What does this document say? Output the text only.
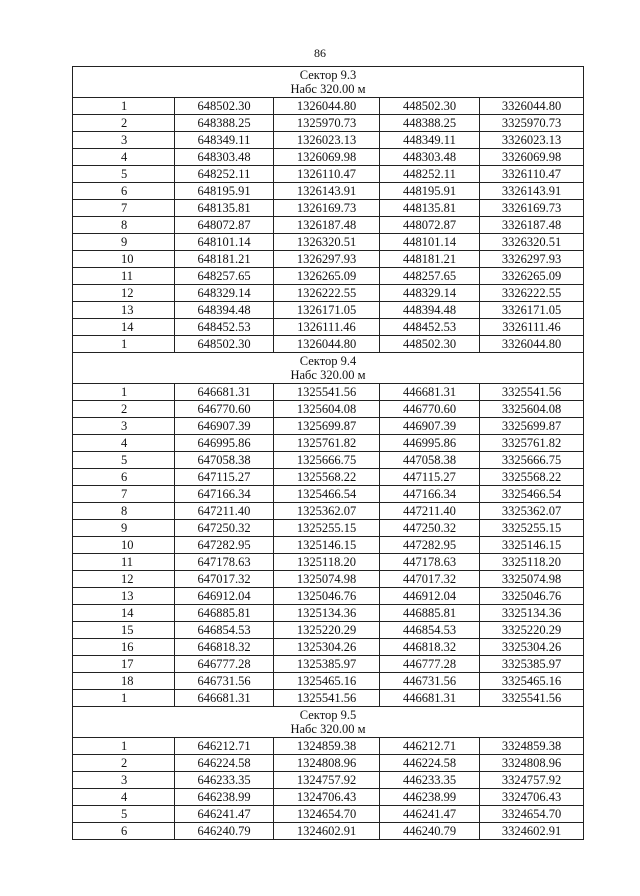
86
Сектор 9.3
Набс 320.00 м				

1	648502.30	1326044.80	448502.30	3326044.80
2	648388.25	1325970.73	448388.25	3325970.73
3	648349.11	1326023.13	448349.11	3326023.13
4	648303.48	1326069.98	448303.48	3326069.98
5	648252.11	1326110.47	448252.11	3326110.47
6	648195.91	1326143.91	448195.91	3326143.91
7	648135.81	1326169.73	448135.81	3326169.73
8	648072.87	1326187.48	448072.87	3326187.48
9	648101.14	1326320.51	448101.14	3326320.51
10	648181.21	1326297.93	448181.21	3326297.93
11	648257.65	1326265.09	448257.65	3326265.09
12	648329.14	1326222.55	448329.14	3326222.55
13	648394.48	1326171.05	448394.48	3326171.05
14	648452.53	1326111.46	448452.53	3326111.46
1	648502.30	1326044.80	448502.30	3326044.80

Сектор 9.4
Набс 320.00 м				

1	646681.31	1325541.56	446681.31	3325541.56
2	646770.60	1325604.08	446770.60	3325604.08
3	646907.39	1325699.87	446907.39	3325699.87
4	646995.86	1325761.82	446995.86	3325761.82
5	647058.38	1325666.75	447058.38	3325666.75
6	647115.27	1325568.22	447115.27	3325568.22
7	647166.34	1325466.54	447166.34	3325466.54
8	647211.40	1325362.07	447211.40	3325362.07
9	647250.32	1325255.15	447250.32	3325255.15
10	647282.95	1325146.15	447282.95	3325146.15
11	647178.63	1325118.20	447178.63	3325118.20
12	647017.32	1325074.98	447017.32	3325074.98
13	646912.04	1325046.76	446912.04	3325046.76
14	646885.81	1325134.36	446885.81	3325134.36
15	646854.53	1325220.29	446854.53	3325220.29
16	646818.32	1325304.26	446818.32	3325304.26
17	646777.28	1325385.97	446777.28	3325385.97
18	646731.56	1325465.16	446731.56	3325465.16
1	646681.31	1325541.56	446681.31	3325541.56

Сектор 9.5
Набс 320.00 м				

1	646212.71	1324859.38	446212.71	3324859.38
2	646224.58	1324808.96	446224.58	3324808.96
3	646233.35	1324757.92	446233.35	3324757.92
4	646238.99	1324706.43	446238.99	3324706.43
5	646241.47	1324654.70	446241.47	3324654.70
6	646240.79	1324602.91	446240.79	3324602.91
